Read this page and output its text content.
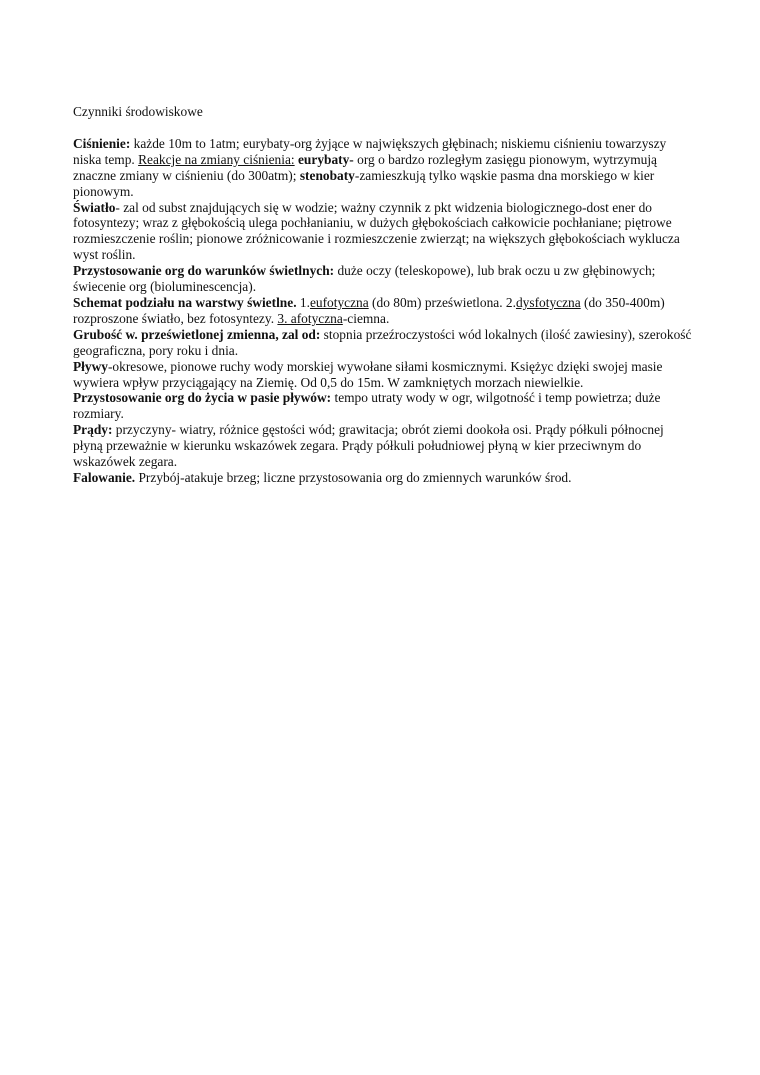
Czynniki środowiskowe

Ciśnienie: każde 10m to 1atm; eurybaty-org żyjące w największych głębinach; niskiemu ciśnieniu towarzyszy niska temp. Reakcje na zmiany ciśnienia: eurybaty- org o bardzo rozległym zasięgu pionowym, wytrzymują znaczne zmiany w ciśnieniu (do 300atm); stenobaty-zamieszkują tylko wąskie pasma dna morskiego w kier pionowym.

Światło- zal od subst znajdujących się w wodzie; ważny czynnik z pkt widzenia biologicznego-dost ener do fotosyntezy; wraz z głębokością ulega pochłanianiu, w dużych głębokościach całkowicie pochłaniane; piętrowe rozmieszczenie roślin; pionowe zróżnicowanie i rozmieszczenie zwierząt; na większych głębokościach wyklucza wyst roślin.

Przystosowanie org do warunków świetlnych: duże oczy (teleskopowe), lub brak oczu u zw głębinowych; świecenie org (bioluminescencja).

Schemat podziału na warstwy świetlne. 1.eufotyczna (do 80m) prześwietlona. 2.dysfotyczna (do 350-400m) rozproszone światło, bez fotosyntezy. 3. afotyczna-ciemna.

Grubość w. prześwietlonej zmienna, zal od: stopnia przeźroczystości wód lokalnych (ilość zawiesiny), szerokość geograficzna, pory roku i dnia.

Pływy-okresowe, pionowe ruchy wody morskiej wywołane siłami kosmicznymi. Księżyc dzięki swojej masie wywiera wpływ przyciągający na Ziemię. Od 0,5 do 15m. W zamkniętych morzach niewielkie.

Przystosowanie org do życia w pasie pływów: tempo utraty wody w ogr, wilgotność i temp powietrza; duże rozmiary.

Prądy: przyczyny- wiatry, różnice gęstości wód; grawitacja; obrót ziemi dookoła osi. Prądy półkuli północnej płyną przeważnie w kierunku wskazówek zegara. Prądy półkuli południowej płyną w kier przeciwnym do wskazówek zegara.

Falowanie. Przybój-atakuje brzeg; liczne przystosowania org do zmiennych warunków środ.
